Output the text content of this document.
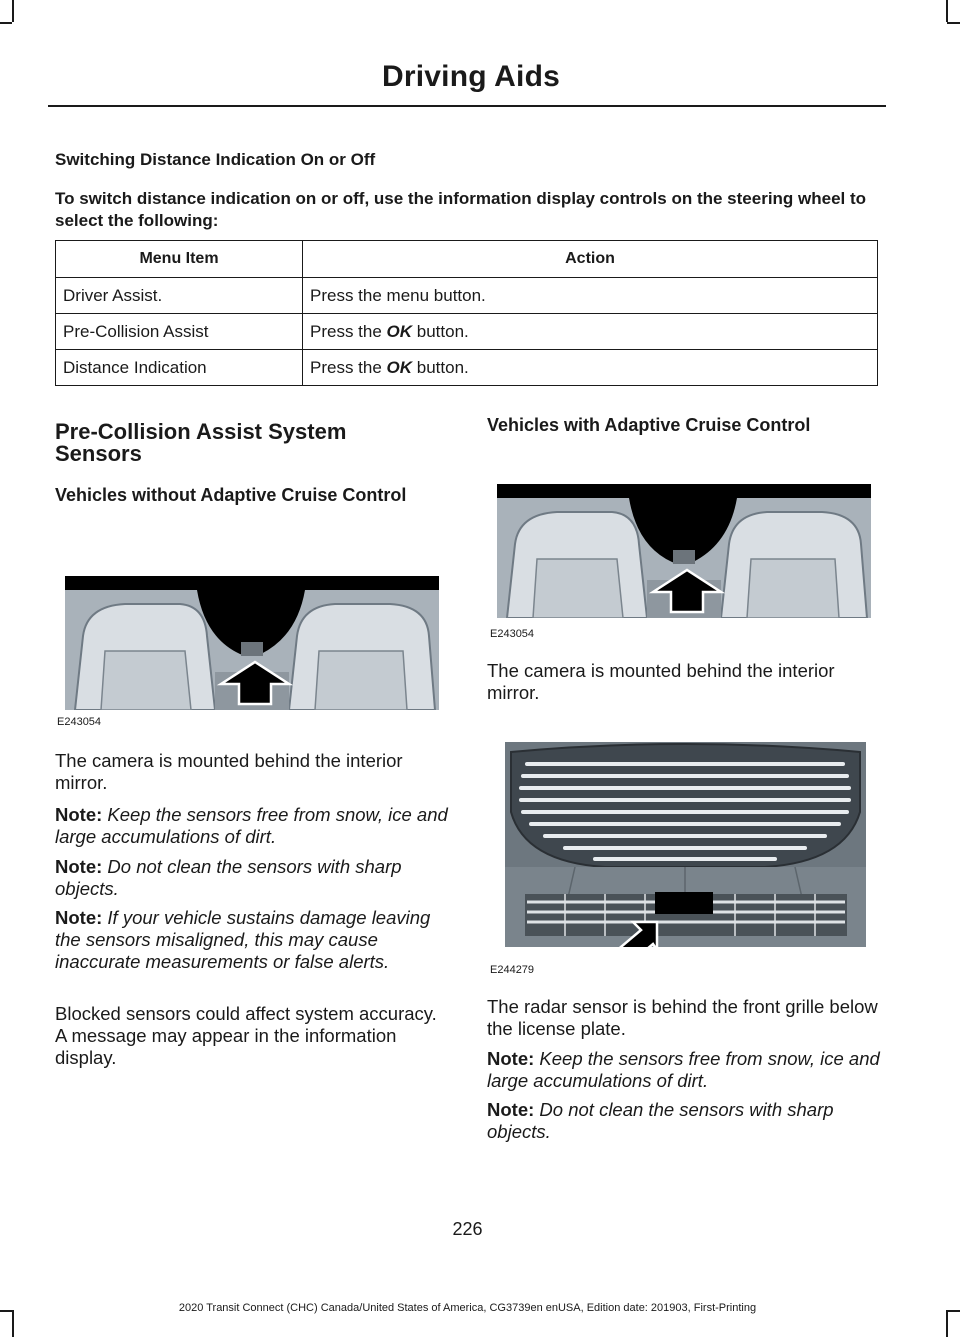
Driving Aids
Switching Distance Indication On or Off
To switch distance indication on or off, use the information display controls on the steering wheel to select the following:
Menu Item	Action
Driver Assist.	Press the menu button.
Pre-Collision Assist	Press the OK button.
Distance Indication	Press the OK button.
Pre-Collision Assist System Sensors
Vehicles without Adaptive Cruise Control
E243054
The camera is mounted behind the interior mirror.
Note: Keep the sensors free from snow, ice and large accumulations of dirt.
Note: Do not clean the sensors with sharp objects.
Note: If your vehicle sustains damage leaving the sensors misaligned, this may cause inaccurate measurements or false alerts.
Blocked sensors could affect system accuracy. A message may appear in the information display.
Vehicles with Adaptive Cruise Control
E243054
The camera is mounted behind the interior mirror.
E244279
The radar sensor is behind the front grille below the license plate.
Note: Keep the sensors free from snow, ice and large accumulations of dirt.
Note: Do not clean the sensors with sharp objects.
226
2020 Transit Connect (CHC) Canada/United States of America, CG3739en enUSA, Edition date: 201903, First-Printing
